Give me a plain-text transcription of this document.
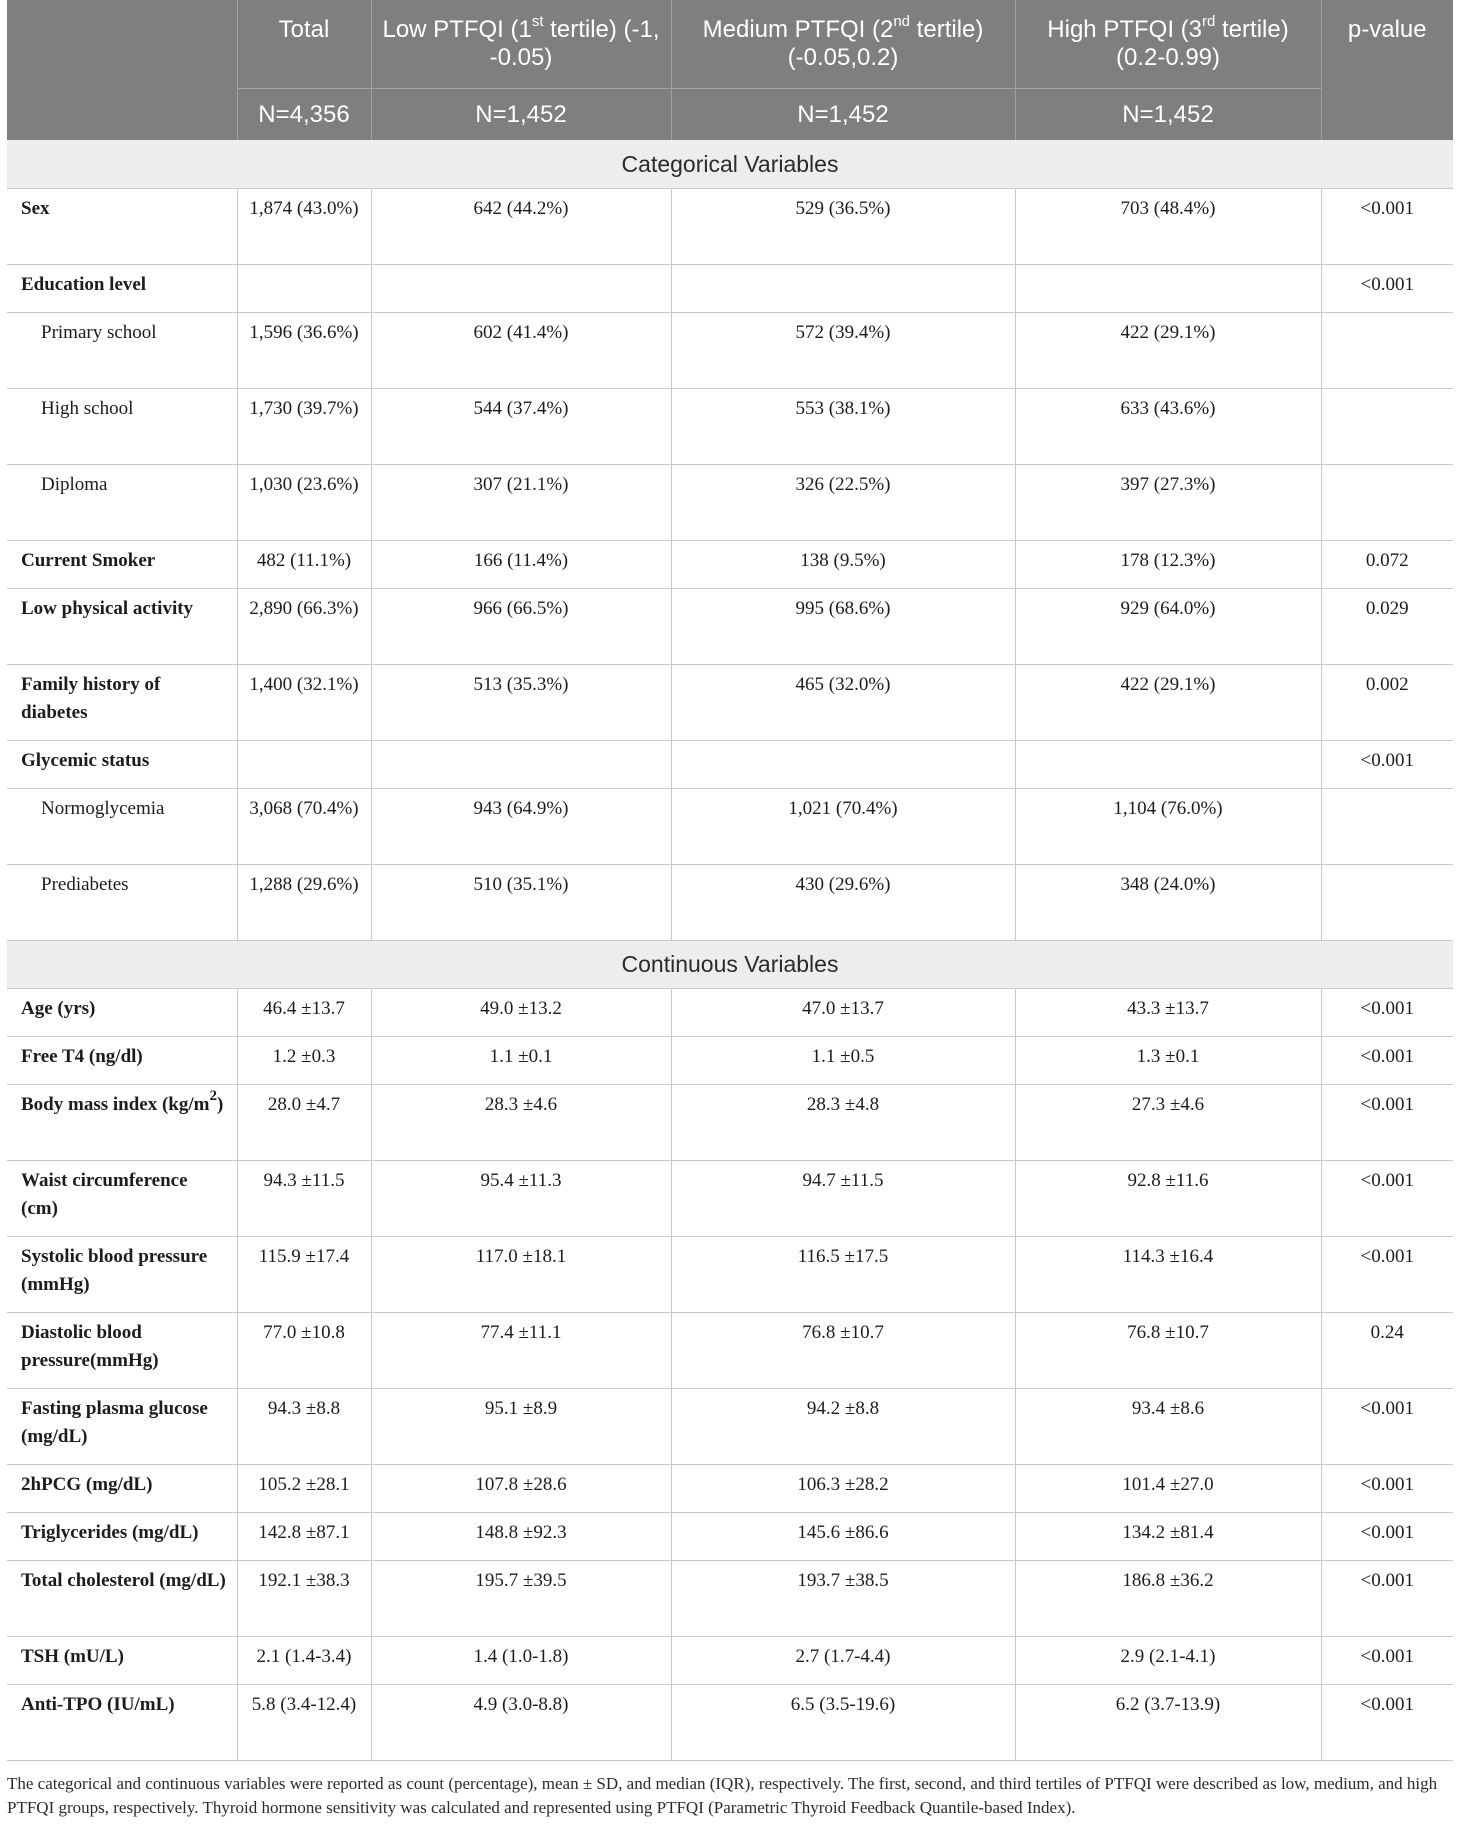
	Total	Low PTFQI (1st tertile) (-1, -0.05)	Medium PTFQI (2nd tertile)(-0.05,0.2)	High PTFQI (3rd tertile) (0.2-0.99)	p-value
	N=4,356	N=1,452	N=1,452	N=1,452	
Categorical Variables					
Sex	1,874 (43.0%)	642 (44.2%)	529 (36.5%)	703 (48.4%)	<0.001
Education level					<0.001
Primary school	1,596 (36.6%)	602 (41.4%)	572 (39.4%)	422 (29.1%)	
High school	1,730 (39.7%)	544 (37.4%)	553 (38.1%)	633 (43.6%)	
Diploma	1,030 (23.6%)	307 (21.1%)	326 (22.5%)	397 (27.3%)	
Current Smoker	482 (11.1%)	166 (11.4%)	138 (9.5%)	178 (12.3%)	0.072
Low physical activity	2,890 (66.3%)	966 (66.5%)	995 (68.6%)	929 (64.0%)	0.029
Family history of diabetes	1,400 (32.1%)	513 (35.3%)	465 (32.0%)	422 (29.1%)	0.002
Glycemic status					<0.001
Normoglycemia	3,068 (70.4%)	943 (64.9%)	1,021 (70.4%)	1,104 (76.0%)	
Prediabetes	1,288 (29.6%)	510 (35.1%)	430 (29.6%)	348 (24.0%)	
Continuous Variables					
Age (yrs)	46.4 ±13.7	49.0 ±13.2	47.0 ±13.7	43.3 ±13.7	<0.001
Free T4 (ng/dl)	1.2 ±0.3	1.1 ±0.1	1.1 ±0.5	1.3 ±0.1	<0.001
Body mass index $(kg/m^2)$	28.0 ±4.7	28.3 ±4.6	28.3 ±4.8	27.3 ±4.6	<0.001
Waist circumference (cm)	94.3 ±11.5	95.4 ±11.3	94.7 ±11.5	92.8 ±11.6	<0.001
Systolic blood pressure (mmHg)	115.9 ±17.4	117.0 ±18.1	116.5 ±17.5	114.3 ±16.4	<0.001
Diastolic blood pressure(mmHg)	77.0 ±10.8	77.4 ±11.1	76.8 ±10.7	76.8 ±10.7	0.24
Fasting plasma glucose (mg/dL)	94.3 ±8.8	95.1 ±8.9	94.2 ±8.8	93.4 ±8.6	<0.001
2hPCG (mg/dL)	105.2 ±28.1	107.8 ±28.6	106.3 ±28.2	101.4 ±27.0	<0.001
Triglycerides (mg/dL)	142.8 ±87.1	148.8 ±92.3	145.6 ±86.6	134.2 ±81.4	<0.001
Total cholesterol (mg/dL)	192.1 ±38.3	195.7 ±39.5	193.7 ±38.5	186.8 ±36.2	<0.001
TSH (mU/L)	2.1 (1.4-3.4)	1.4 (1.0-1.8)	2.7 (1.7-4.4)	2.9 (2.1-4.1)	<0.001
Anti-TPO (IU/mL)	5.8 (3.4-12.4)	4.9 (3.0-8.8)	6.5 (3.5-19.6)	6.2 (3.7-13.9)	<0.001
The categorical and continuous variables were reported as count (percentage), mean ± SD, and median (IQR), respectively. The first, second, and third tertiles of PTFQI were described as low, medium, and high PTFQI groups, respectively. Thyroid hormone sensitivity was calculated and represented using PTFQI (Parametric Thyroid Feedback Quantile-based Index).
